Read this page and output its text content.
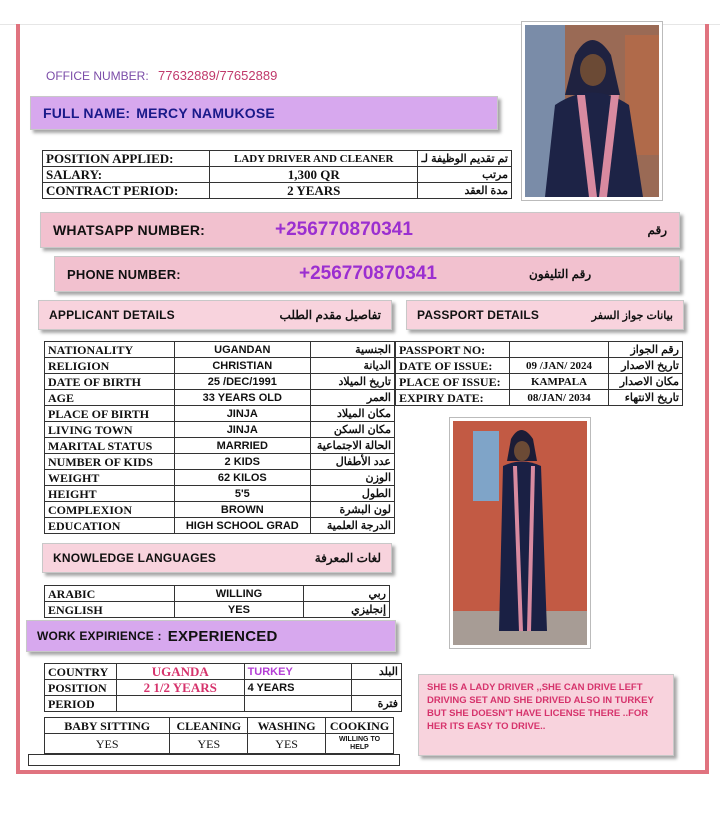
OFFICE NUMBER: 77632889/77652889
FULL NAME: MERCY NAMUKOSE
POSITION APPLIED:	LADY DRIVER AND CLEANER	تم تقديم الوظيفة لـ
SALARY:	1,300 QR	مرتب
CONTRACT PERIOD:	2 YEARS	مدة العقد
WHATSAPP NUMBER:	+256770870341	رقم
PHONE NUMBER:	+256770870341	رقم التليفون
APPLICANT DETAILS	تفاصيل مقدم الطلب	PASSPORT DETAILS	بيانات جواز السفر
NATIONALITY	UGANDAN	الجنسية
RELIGION	CHRISTIAN	الديانة
DATE OF BIRTH	25 /DEC/1991	تاريخ الميلاد
AGE	33 YEARS OLD	العمر
PLACE OF BIRTH	JINJA	مكان الميلاد
LIVING TOWN	JINJA	مكان السكن
MARITAL STATUS	MARRIED	الحالة الاجتماعية
NUMBER OF KIDS	2 KIDS	عدد الأطفال
WEIGHT	62 KILOS	الوزن
HEIGHT	5'5	الطول
COMPLEXION	BROWN	لون البشرة
EDUCATION	HIGH SCHOOL GRAD	الدرجة العلمية
PASSPORT NO:		رقم الجواز
DATE OF ISSUE:	09 /JAN/ 2024	تاريخ الاصدار
PLACE OF ISSUE:	KAMPALA	مكان الاصدار
EXPIRY DATE:	08/JAN/ 2034	تاريخ الانتهاء
KNOWLEDGE LANGUAGES	لغات المعرفة
ARABIC	WILLING	ربي
ENGLISH	YES	إنجليزي
WORK EXPIRIENCE : EXPERIENCED
COUNTRY	UGANDA	TURKEY	البلد
POSITION	2 1/2 YEARS	4 YEARS	
PERIOD			فترة
BABY SITTING	CLEANING	WASHING	COOKING
YES	YES	YES	WILLING TO HELP
SHE IS A LADY DRIVER ,,SHE CAN DRIVE LEFT DRIVING SET AND SHE DRIVED ALSO IN TURKEY BUT SHE DOESN'T HAVE LICENSE THERE ..FOR HER ITS EASY TO DRIVE..
